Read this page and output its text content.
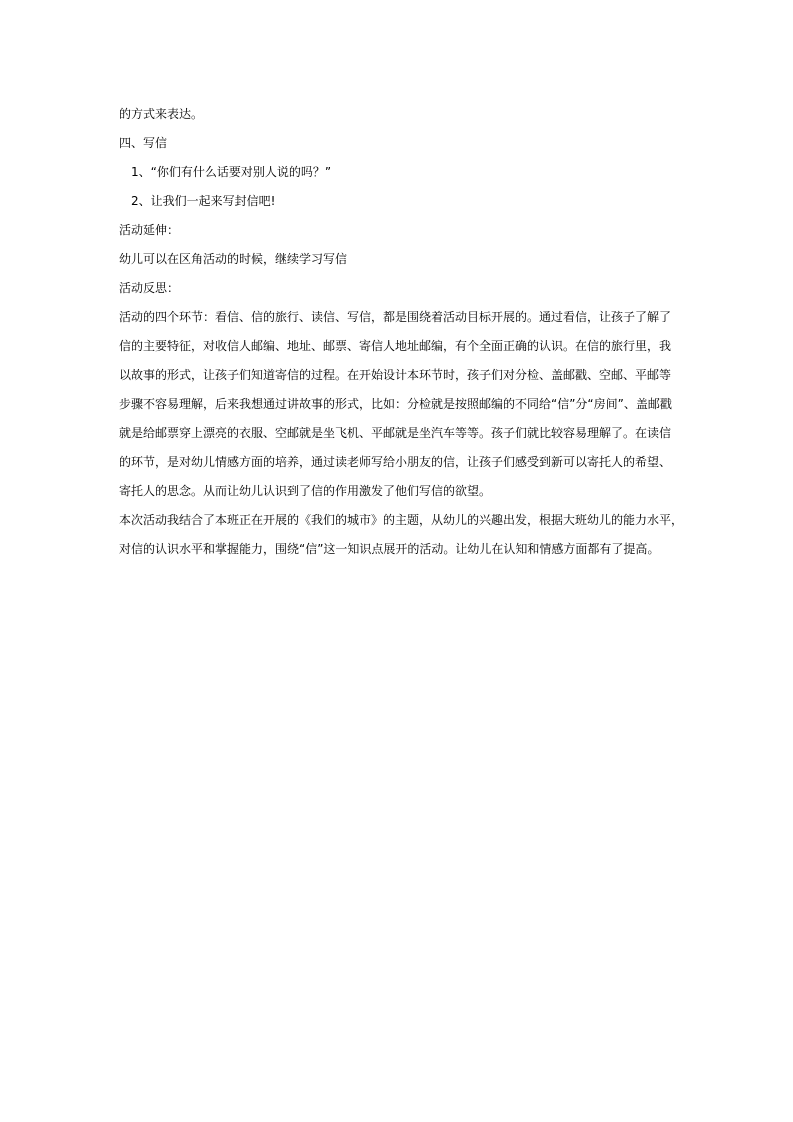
的方式来表达。

四、写信

1、“你们有什么话要对别人说的吗？”

2、让我们一起来写封信吧!

活动延伸：

幼儿可以在区角活动的时候，继续学习写信

活动反思：

活动的四个环节：看信、信的旅行、读信、写信，都是围绕着活动目标开展的。通过看信，让孩子了解了

信的主要特征，对收信人邮编、地址、邮票、寄信人地址邮编，有个全面正确的认识。在信的旅行里，我

以故事的形式，让孩子们知道寄信的过程。在开始设计本环节时，孩子们对分检、盖邮戳、空邮、平邮等

步骤不容易理解，后来我想通过讲故事的形式，比如：分检就是按照邮编的不同给“信”分“房间”、盖邮戳

就是给邮票穿上漂亮的衣服、空邮就是坐飞机、平邮就是坐汽车等等。孩子们就比较容易理解了。在读信

的环节，是对幼儿情感方面的培养，通过读老师写给小朋友的信，让孩子们感受到新可以寄托人的希望、

寄托人的思念。从而让幼儿认识到了信的作用激发了他们写信的欲望。

本次活动我结合了本班正在开展的《我们的城市》的主题，从幼儿的兴趣出发，根据大班幼儿的能力水平，

对信的认识水平和掌握能力，围绕“信”这一知识点展开的活动。让幼儿在认知和情感方面都有了提高。
